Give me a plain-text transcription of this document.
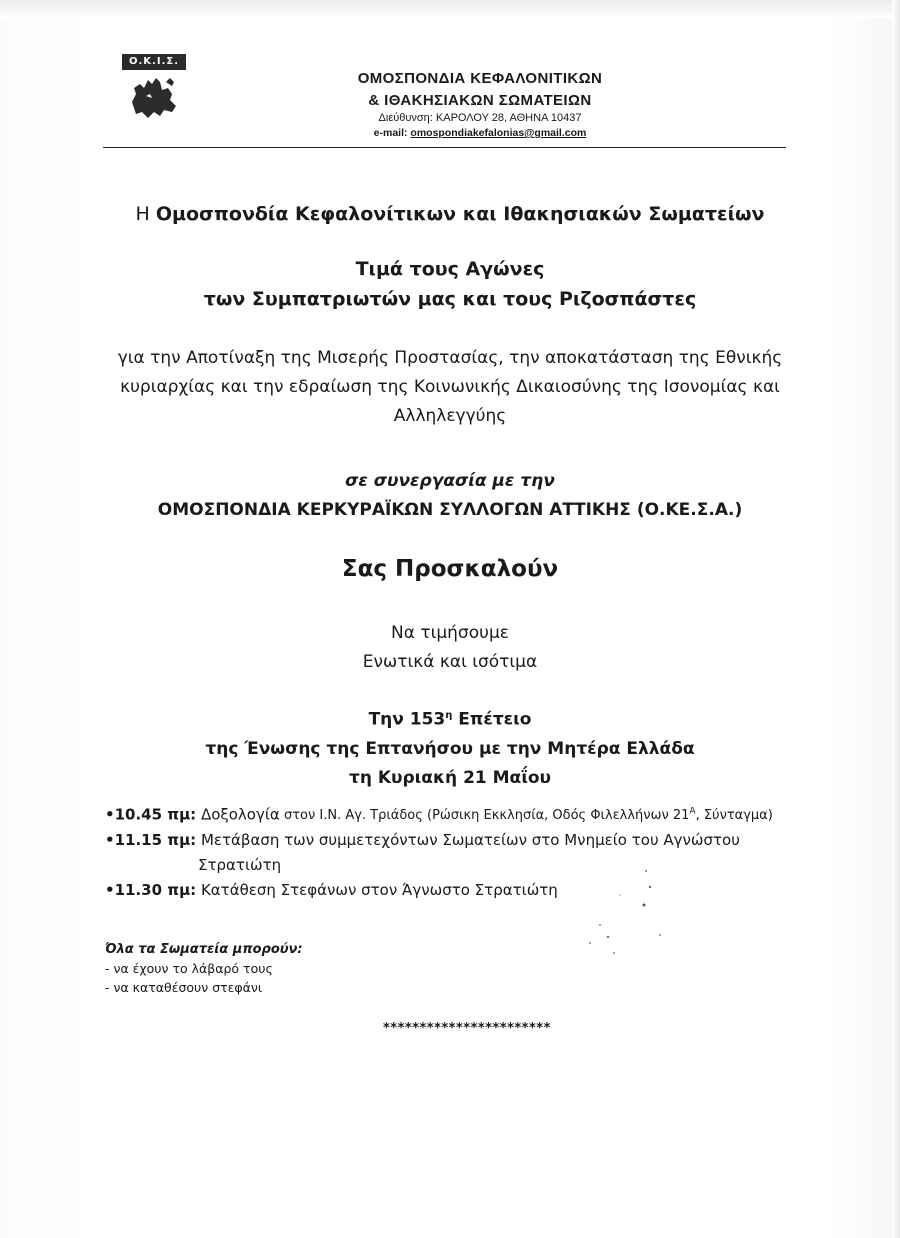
Ο.Κ.Ι.Σ.
ΟΜΟΣΠΟΝΔΙΑ ΚΕΦΑΛΟΝΙΤΙΚΩΝ
& ΙΘΑΚΗΣΙΑΚΩΝ ΣΩΜΑΤΕΙΩΝ
Διεύθυνση: ΚΑΡΟΛΟΥ 28, ΑΘΗΝΑ 10437
e-mail: omospondiakefalonias@gmail.com
Η Ομοσπονδία Κεφαλονίτικων και Ιθακησιακών Σωματείων
Τιμά τους Αγώνες
των Συμπατριωτών μας και τους Ριζοσπάστες
για την Αποτίναξη της Μισερής Προστασίας, την αποκατάσταση της Εθνικής
κυριαρχίας και την εδραίωση της Κοινωνικής Δικαιοσύνης της Ισονομίας και
Αλληλεγγύης
σε συνεργασία με την
ΟΜΟΣΠΟΝΔΙΑ ΚΕΡΚΥΡΑΪΚΩΝ ΣΥΛΛΟΓΩΝ ΑΤΤΙΚΗΣ (Ο.ΚΕ.Σ.Α.)
Σας Προσκαλούν
Να τιμήσουμε
Ενωτικά και ισότιμα
Την $153^\eta$ Επέτειο
της Ένωσης της Επτανήσου με την Μητέρα Ελλάδα
τη Κυριακή 21 Μαΐου
•10.45 πμ: Δοξολογία στον Ι.Ν. Αγ. Τριάδος (Ρώσικη Εκκλησία, Οδός Φιλελλήνων $21^A$, Σύνταγμα)
•11.15 πμ: Μετάβαση των συμμετεχόντων Σωματείων στο Μνημείο του Αγνώστου
Στρατιώτη
•11.30 πμ: Κατάθεση Στεφάνων στον Άγνωστο Στρατιώτη
Όλα τα Σωματεία μπορούν:
- να έχουν το λάβαρό τους
- να καταθέσουν στεφάνι
***********************
